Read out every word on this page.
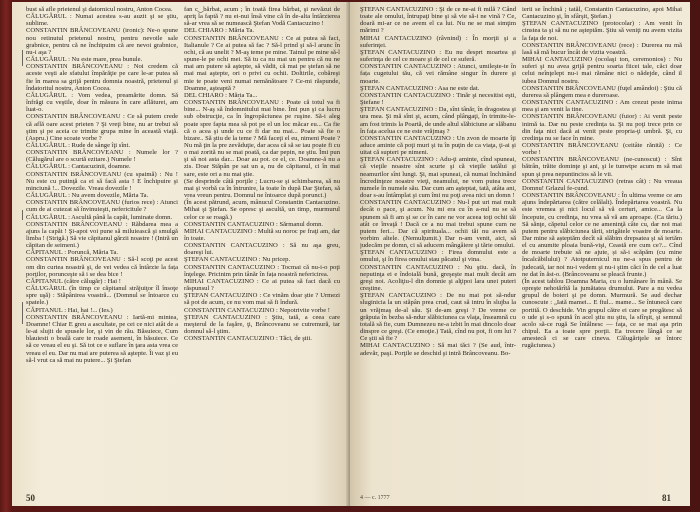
bust să afle prietenul şi datornicul nostru, Anton Cocea.

CĂLUGĂRUL : Numai acestea s-au auzit şi se ştiu, sublime.

CONSTANTIN BRÂNCOVEANU (ironic): Ne-o spune nou retinutul prietenul nostru, pentru nevoile sale grabnice, pentru că ne închipuim că are nevoi grabnice, nu-i aşa ?

CĂLUGĂRUL : Nu este mare, prea bunule.

CONSTANTIN BRÂNCOVEANU : Noi credem că aceste veşti ale sfatului împărăţie pe care le-ar putea să fie în marea sa grijă pentru domnia noastră, prietenul şi îndatoritul nostru, Anton Cocea.

CĂLUGĂRUL : Vom vedea, preamărite domn. Să înfrăgi cu veştile, doar în măsura în care aflăturei, am luat-o.

CONSTANTIN BRÂNCOVEANU : Ce să putem crede că află oare acest prieten ? Şi vreţi bine, nu ar trebui să ştim şi pe aceia ce trimite grupa mine în această viaţă. (Aspru.) Cine scoate vorbe ?

CĂLUGĂRUL : Rude de sânge îţi sînt.

CONSTANTIN BRÂNCOVEANU : Numele lor ? (Călugărul are o scurtă ezitare.) Numele !

CĂLUGĂRUL : Cantacuzinii, doamne.

CONSTANTIN BRÂNCOVEANU (cu spaimă) : Nu ! Nu este cu putinţă ca ei să facă asta ! E închipuire şi minciună !... Dovezile. Vreau dovezile !

CĂLUGĂRUL : Nu avem dovezile, Măria Ta.

CONSTANTIN BRÂNCOVEANU (furios rece) : Atunci cum de ai cutezat să învinuieşti, nefericitule ?

CĂLUGĂRUL : Ascultă până la capăt, luminate domn.

CONSTANTIN BRÂNCOVEANU : Răbdarea mea a ajuns la capăt ! Şi-apoi voi pune să miluiească şi smulgă limba ! (Strigă.) Să vie căpitanul gărzii noastre ! (Intră un căpitan de seimeni.)

CĂPITANUL : Poruncă, Măria Ta.

CONSTANTIN BRÂNCOVEANU : Să-l scoţi pe acest om din curtea noastră şi, de vei vedea că întârzie la fața porţilor, porunceşte să i se dea bice !

CĂPITANUL (către călugăr) : Hai !

CĂLUGĂRUL (în timp ce căpitanul străjuiţor îl însoţe spre uşă) : Stăpânirea voastră... (Domnul se întoarce cu spatele.)

CĂPITANUL : Hai, hai !... (Ies.)

CONSTANTIN BRÂNCOVEANU : Iartă-mi mintea, Doamne! Chiar E greu a ascultate, pe cei ce nici atât de a le-ai slujit de spusele lor, şi vin de rău. Băsuiece, Cum blauiesti o boală care te roade asemeni, în băsuiece. Ce să ce vreau el eu şi. Să tot ce e suflare în ţara asta vrea ce vreau el eu. Dar nu mai are puterea să aştepte. Îi vaz şi eu să-l vrut ca să mai nu putere... Şi Ştefan

fan c‿bărbat, acum ; în toată firea bărbat, şi nevăzut de apriţ la faptă ? nu ei-nui însă vine că în de-alta întârzierea să-ar vrea să se numească Ştefan Vodă Cantacuzino !

DEL CHIARO : Măria Ta.

CONSTANTIN BRÂNCOVEANU : Ce ai putea să faci, Italianule ? Ce ai putea să fac ? Să-l prind şi să-l arunc în ochi, că au unelit ? M-aş teme pe mine. Tainul pe mine să-l spune-le pe ochi mei. Să tu ca nu mai un pentru că nu ne mai am putere să aştepte, să vădit, că mai pe ştefan să ne mai mai aştepte, ori o privi cu ochii. Doltirile, cobăreşi mie te poate veni numai nemănătoare ? Ce-mi răspunde, Doamne, aşteaptă ?

DEL CHIARO : Măria Ta...

CONSTANTIN BRÂNCOVEANU : Poate că totul va fi bine... N-aş să îndomnitului mai bine. Îmi pun şi ca lucru sub obstrucţie, ca în îngropăciunea pe ruşine. Să-i aleg poate spre fapta mea să pot pe el un loc măcar eu... Ca fie că o acea şi unde cu ce fi dar nu mai... Poate să fie o bizare.. Să ştiu de la teme ? Mă faceţi el eu, nimeni Poate ? Nu mă ţin la pre zevăduţie, dar acea că să se iau poate fi cu o mai zorită nu se mai poată, ca dar pepin, ne ştiu. Îmi pun şi să noi asta dar... Doar au pot. ce el, ce. Doamne-ă nu a zis. Doar Stăpân pe sat un a, nu de căpitanul, ci în mai sare, este ori a nu mai ştie.

(Se desprinde câtă porţile ; Lucru-se şi schimbarea, să nu mai şi vorbă ca în întrunire, la toate în după Dar Ştefan, să vrea vreun pentru. Domnul ne întoarce după porunci.)

(În acest pătrund, acum, mânucul Constantin Cantacuzino. Mihai şi Ştefan. Se opresc şi ascultă, un timp, murmurul celor ce se roagă.)

CONSTANTIN CANTACUZINO : Sărmanul domn.

MIHAI CANTACUZINO : Multă su noroc pe fraţi am, dar în toate.

CONSTANTIN CANTACUZINO : Să nu aşa greu, doareşi lui.

ŞTEFAN CANTACUZINO : Nu pricep.

CONSTANTIN CANTACUZINO : Tocmai că nu-i-o poţi înţelege. Pricinim prin tânăr în fața noastră nefericirea.

MIHAI CANTACUZINO : Ce ai putea să faci dacă cu răspunsul ?

ŞTEFAN CANTACUZINO : Ce vinăm doar ştie ? Urmezi să pot de acum, ce nu vom mai să fi îndură.

CONSTANTIN CANTACUZINO : Nepotrivite vorbe !

ŞTEFAN CANTACUZINO : Ştiu, tată, a ceea care meşterul de la faşăre, ţi, Brâncoveanu se cutremură, iar domnul să-l ştim.

CONSTANTIN CANTACUZINO : Tăci, de ştii.

50

ŞTEFAN CANTACUZINO : Şi de ce ne-ai fi milă ? Când toate ale omului, întrupaţi bine şi să vie să-i ne vină ? Ce, doară mi-ar ce ne avem el ca lui. Nu ne se mai simţim mărimi ?

MIHAI CANTACUZINO (râvnind) : În morţii şi a suferinţei.

ŞTEFAN CANTACUZINO : Eu nu desprt moartea şi suferinţa de cel ce moare şi de cel ce suferă.

CONSTANTIN CANTACUZINO : Atunci, umileşte-te în fața cugetului tău, că vei rămâne singur în durere şi moarte.

ŞTEFAN CANTACUZINO : Asa ne este dat.

CONSTANTIN CANTACUZINO : Tinăr şi necesitist eşti, Ştefane !

ŞTEFAN CANTACUZINO : Da, sînt tânăr, în dragostea şi ura mea. Şi mă sînt şi, acum, când plângaţi, în trimite-le-am fost trimis la Poartă, de unde altul slăbiciune ar slăbanu în fața acelua ce ne este vrăjmaş ?

CONSTANTIN CANTACUZINO : Un zvon de moarte îţi aduce aminte că poţi muri şi tu în puţin de ca viaţa, ţi-ai şi uitat că supteri pe nimeni.

ŞTEFAN CANTACUZINO : Adu-ţi aminte, cînd spuneai, că vieţile noastre sînt scurte şi că vieţile tatălui şi neamurilor sînt lungi. Şi, mai spuneai, că numai închinând încredinţeze noastre vieţi, neamului, ne vom putea trece numele în numele său. Dar cum am aşteptat, tată, atâta ani, doar s-au întâmplat şi cum îmi nu poţi avea nici un domn !

CONSTANTIN CANTACUZINO : Nu-l put uri mai mult decât o pace, şi acum. Nu mi era cu în a-nul nu se să spunem să fi am şi se ce în care ne vor aceea toţi ochii tăi atât ce învaţă ! Dacă ce a nu mai trebui spune cum ne putem feri... Dar că spirituala... ochii tăi nu avem să vorbim altele. (Nemulțumit.) Dar n-am venit, aici, să judecăm pe domn, ci să aducem mângâiere şi tărie omului.

ŞTEFAN CANTACUZINO : Firea domnului este a omului, şi în firea omului stau păcatul şi vina.

CONSTANTIN CANTACUZINO : Nu ştiu. dacă, în neputinţa ei e îndoială bună, greşeşte mai mult decât am greşi noi. Acoliţiu-l din domnie şi alţipoi lara unei puteri creştine.

ŞTEFAN CANTACUZINO : De nu mai pot să-ndur sluginicia la un stăpân prea crud, caut să intru în slujba la un vrăjmaş de-al său. Şi de-am greşi ? De vreme ce grăpuia în bezba să-ndur slăbiciunea ca vlaţa, înseamnă cu totală să fie, cum Dumnezeu ne-a izbit în mai dincolo doar dinspre ce greşi. (Ce emoţie.) Tată, cînd nu pot, fi om lui ? Ce ştii să fie ?

MIHAI CANTACUZINO : Să mai tăci ? (Se aud, într-adevăr, paşi. Porţile se deschid şi intră Brâncoveanu. Bo-

ierii se închină ; tatăl, Constantin Cantacuzino, apoi Mihai Cantacuzino şi, în sfârşit, Ştefan.)

ŞTEFAN CANTACUZINO (protocolar) : Am venit în cinstea ta şi să nu ne aşteptăm. Ştiu să veniţi nu avem vizita la faţa de noi.

CONSTANTIN BRÂNCOVEANU (rece) : Durerea nu mă lasă să mă bucur încât de vizita voastră.

MIHAI CANTACUZINO (ocolaşi ton, ceremonios) : Nu suferi şi nu avea grijă pentru soarta fiicei tale, căci doar celui neînţelept nu-i mai rămâne nici o nădejde, când il iubea Domnul nostru.

CONSTANTIN BRÂNCOVEANU (fuţel amândoi) : Ştiu că durerea să plângem mea e dureroase.

CONSTANTIN CANTACUZINO : Am crezut peste inima mea şi am venit la tine.

CONSTANTIN BRÂNCOVEANU (fuior) : Ai venit peste inimă ta. Dar nu peste credința ta. Şi nu poţi trece prin ce din faţa nici dacă ai venit peste propria-ţi umbră. Şi, cu credinţa nu se face în mine.

CONSTANTIN BRÂNCOVEANU (ceitâte rănită) : Ce vorbe !

CONSTANTIN BRÂNCOVEANU (ne-cunoscut) : Sînt bătrân, trăite dominţe şi ani, şi le tunwtpe acum m să mai spun şi prea nepuntincios să le vii.

CONSTANTIN CANTACUZINO (retras cât) : Nu vreaua Domnu! Grlazul fe-cund.

CONSTANTIN BRÂNCOVEANU : În ultima vreme ce am ajuns îndepărtarea (către celălalt). Îndepărtarea voastră. Nu este vremea şi nici locul să vă certuri, amice... Ca la începute, cu credinţa, nu vrea să vă am aproape. (Ca tăriu.) Să sănţe, căpetul celor ce ne ameninţă câte cu, dar noi mai putem pentru slăbiciunea tării, strigătele voastre de moarte. Dar mine să așteptăm decît să slăbim drepsatea şi să iertăm el cu anumite ploaia bună-vişi, Ceastă ere cum ce?... Cînd de moarte trebuie să ne ajute, și să-i scăpăm (cu mine încalcăbilului) ? Atotputernicul nu ne-a spus pentru de judecată, iar noi nu-i vedem şi nu-i ştim căci în de cel a luat ne dat în ăst-o. (Brâncoveanu se pleacă frunte.)

(În acest tablou Doamna Maria, cu o lumânare în mână. Se opreşte nehotărîtă la jumătatea drumului. Pare a nu vedea grupul de boieri şi pe domn. Murmură. Se aud dechar cunoscute : „Iată mamei... E fiul... mame... Se întunecă care portită. O deschide. Vin grupul către ei care se pregătesc să o ude şi s-o spună în acel ştiu nu ştiu, la sfîrşit, şi semnul acolo să-ce rugă Se întâlnesc — faţa, ce se mai aşa prin chipul. Ea a toate spre porţii. Ea trecere lângă ce se amestecă ci se care cineva. Călugăriţele se întorc rugăciunea.)

4 — c. 1777	81
